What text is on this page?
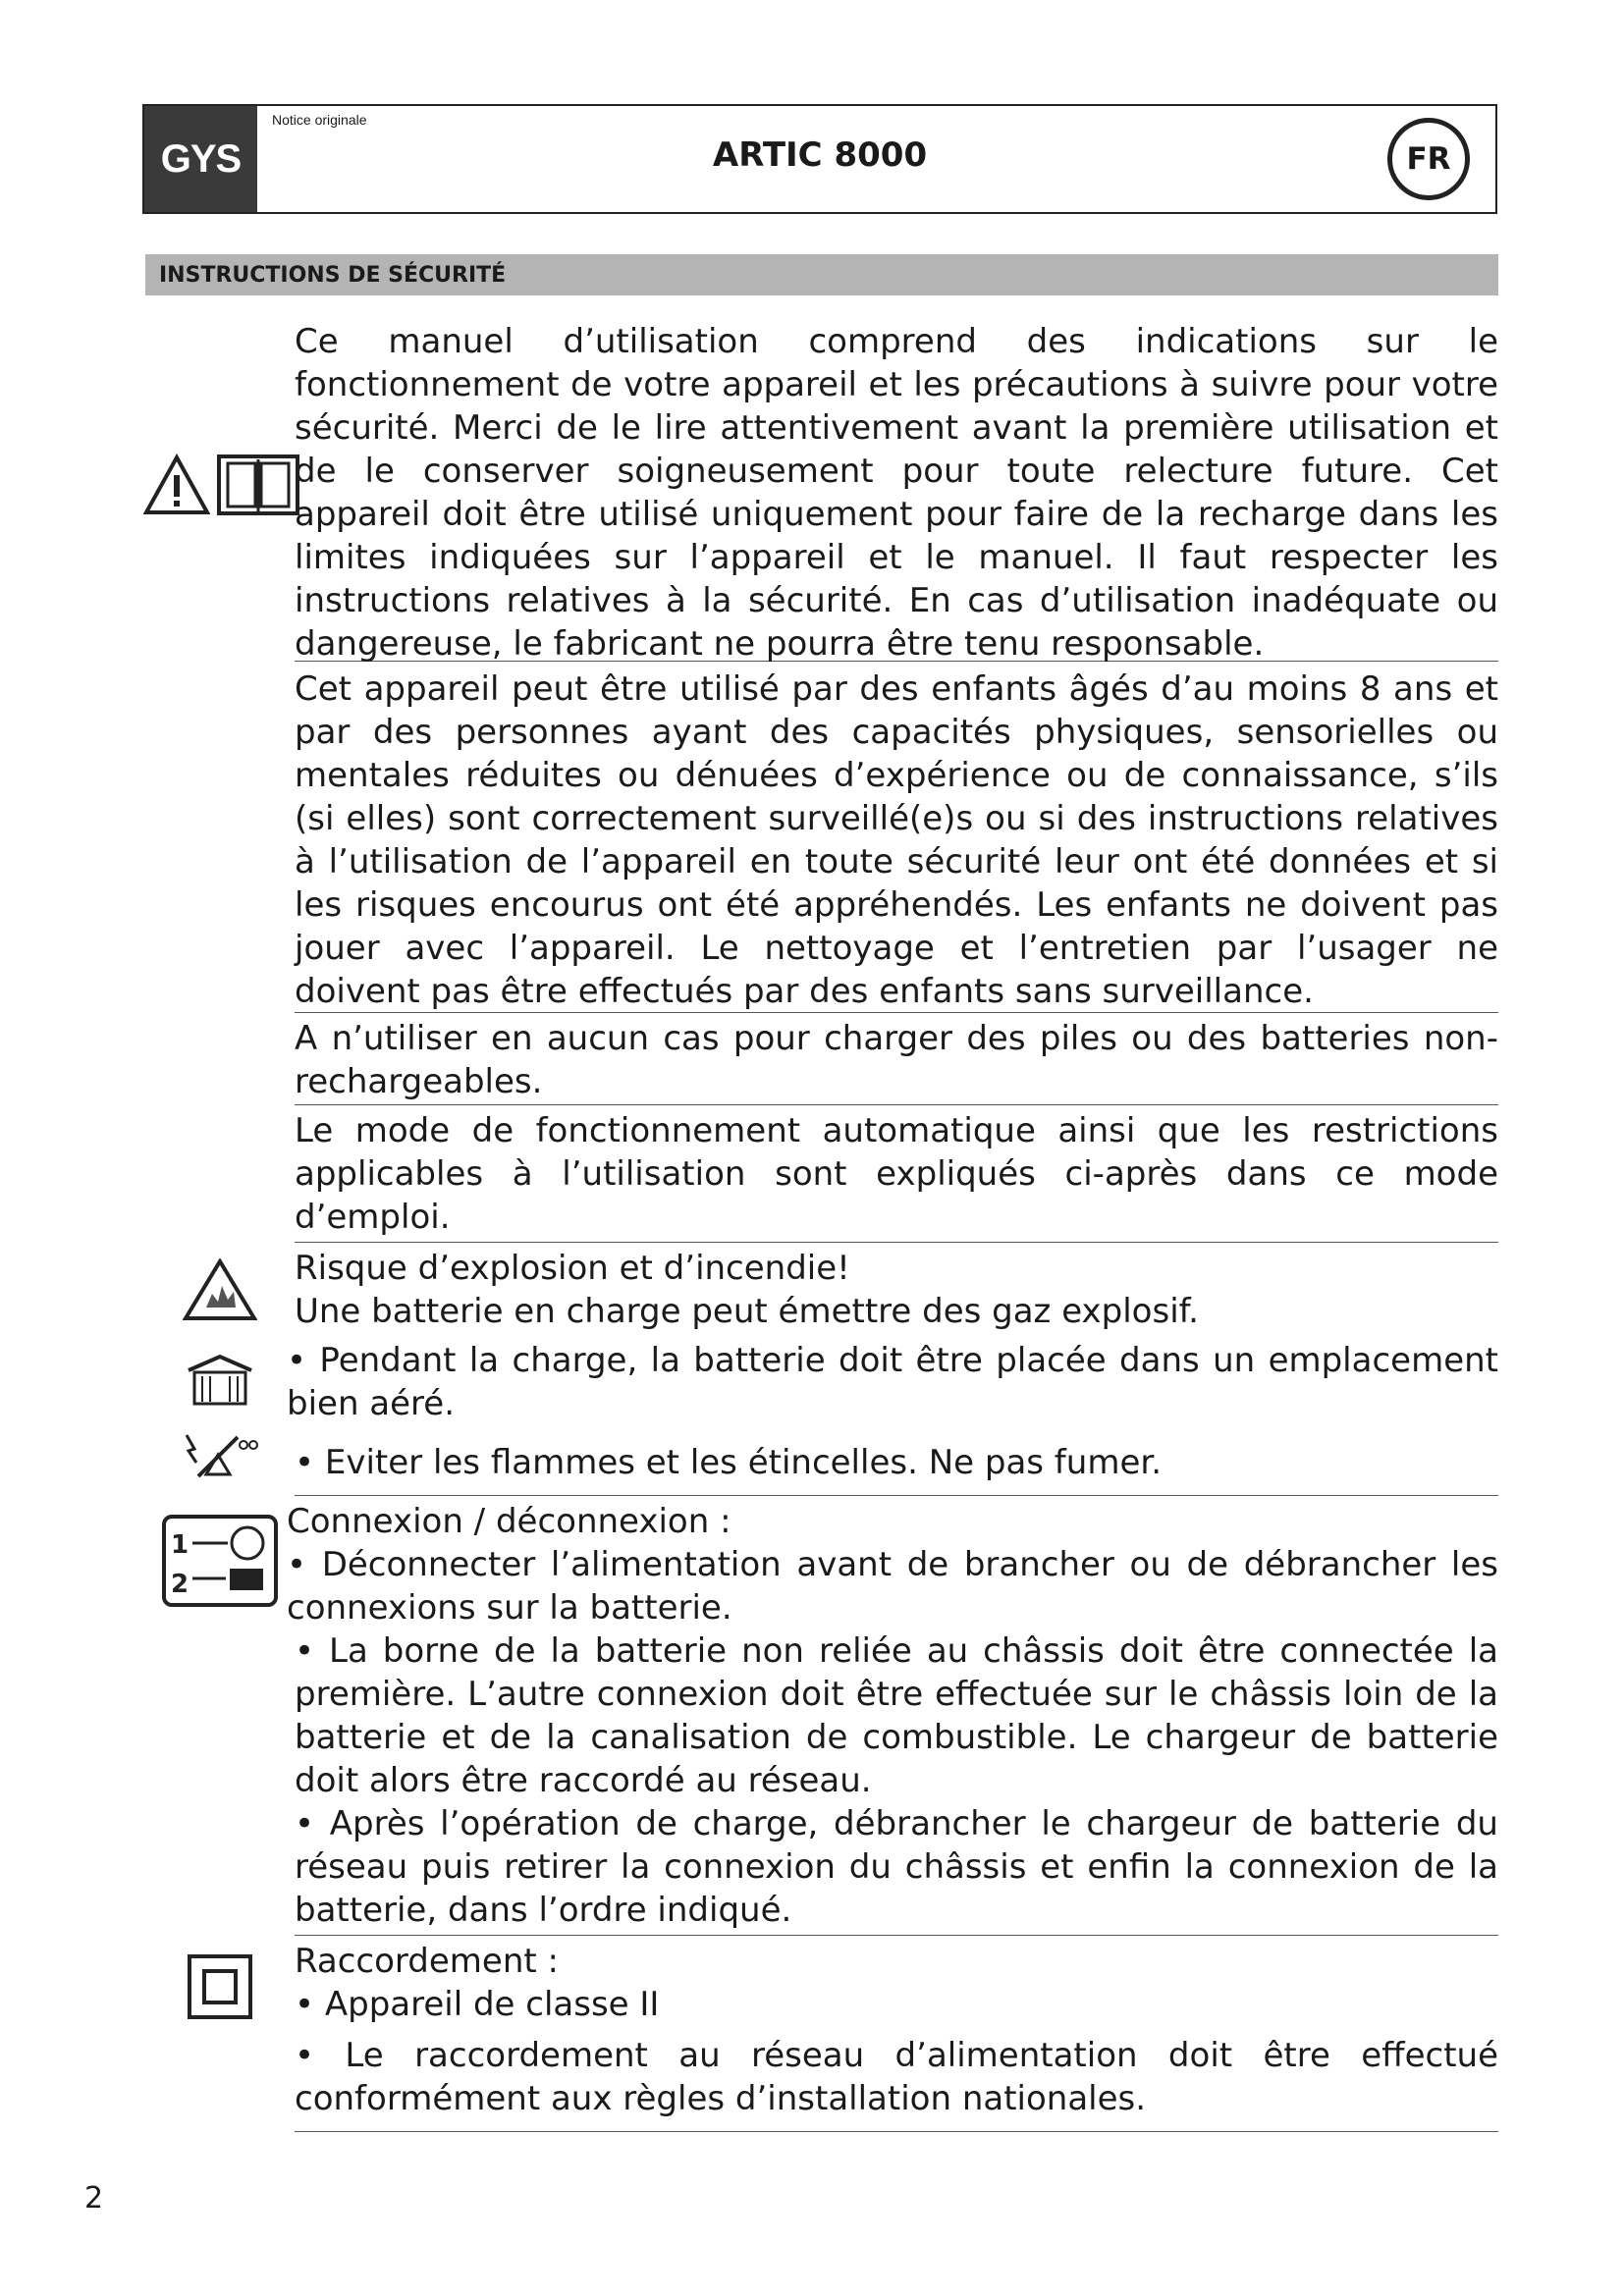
GYS
Notice originale
ARTIC 8000	FR
INSTRUCTIONS DE SÉCURITÉ

Ce manuel d’utilisation comprend des indications sur le fonctionnement de votre appareil et les précautions à suivre pour votre sécurité. Merci de le lire attentivement avant la première utilisation et de le conserver soigneusement pour toute relecture future. Cet appareil doit être utilisé uniquement pour faire de la recharge dans les limites indiquées sur l’appareil et le manuel. Il faut respecter les instructions relatives à la sécurité. En cas d’utilisation inadéquate ou dangereuse, le fabricant ne pourra être tenu responsable.

Cet appareil peut être utilisé par des enfants âgés d’au moins 8 ans et par des personnes ayant des capacités physiques, sensorielles ou mentales réduites ou dénuées d’expérience ou de connaissance, s’ils (si elles) sont correctement surveillé(e)s ou si des instructions relatives à l’utilisation de l’appareil en toute sécurité leur ont été données et si les risques encourus ont été appréhendés. Les enfants ne doivent pas jouer avec l’appareil. Le nettoyage et l’entretien par l’usager ne doivent pas être effectués par des enfants sans surveillance.

A n’utiliser en aucun cas pour charger des piles ou des batteries non-rechargeables.

Le mode de fonctionnement automatique ainsi que les restrictions applicables à l’utilisation sont expliqués ci-après dans ce mode d’emploi.

Risque d’explosion et d’incendie!

Une batterie en charge peut émettre des gaz explosif.

• Pendant la charge, la batterie doit être placée dans un emplacement bien aéré.

• Eviter les flammes et les étincelles. Ne pas fumer.

Connexion / déconnexion :

• Déconnecter l’alimentation avant de brancher ou de débrancher les connexions sur la batterie.

• La borne de la batterie non reliée au châssis doit être connectée la première. L’autre connexion doit être effectuée sur le châssis loin de la batterie et de la canalisation de combustible. Le chargeur de batterie doit alors être raccordé au réseau.

• Après l’opération de charge, débrancher le chargeur de batterie du réseau puis retirer la connexion du châssis et enfin la connexion de la batterie, dans l’ordre indiqué.

1
2

Raccordement :

• Appareil de classe II

• Le raccordement au réseau d’alimentation doit être effectué conformément aux règles d’installation nationales.

2
